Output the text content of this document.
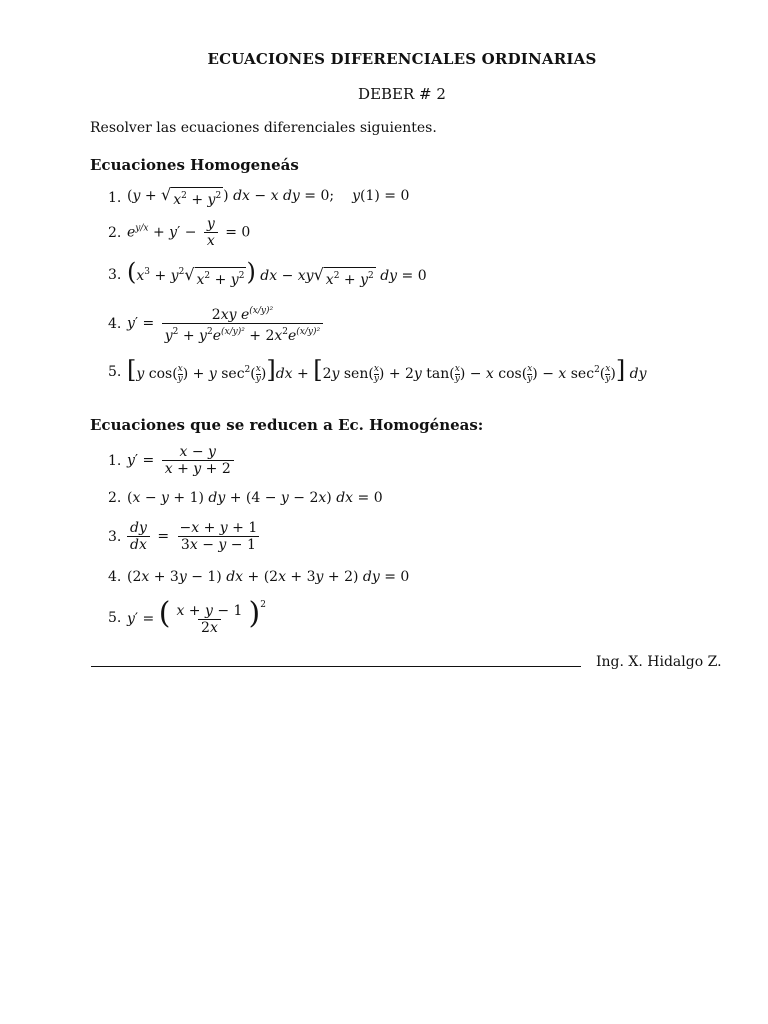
ECUACIONES DIFERENCIALES ORDINARIAS
DEBER # 2
Resolver las ecuaciones diferenciales siguientes.
Ecuaciones Homogeneás
1. (y + √ $x^2 + y^2$ ) dx − x dy = 0; y(1) = 0
2. $e^{y/x} + y' - \frac{y}{x} = 0$
3. ($x^3 + y^2$ √ $x^2 + y^2$ ) dx − xy √ $x^2 + y^2$ dy = 0
4. $y' = \frac{2xy e^{(x/y)^2}}{y^2 + y^2e^{(x/y)^2} + 2x^2e^{(x/y)^2}}$
5. [y $\cos( \frac{x}{y}$ ) + y $\sec^2( \frac{x}{y} )]dx + [2y$ $sen( \frac{x}{y}$ ) + 2y $\tan( \frac{x}{y}$ ) − x $\cos( \frac{x}{y}$ ) − x $\sec^2( \frac{x}{y}$ )] dy
Ecuaciones que se reducen a Ec. Homogéneas:
1. $y' = \frac{x - y}{x + y + 2}$
2. (x − y + 1) dy + (4 − y − 2x) dx = 0
3. $\frac{dy}{dx} = \frac{-x + y + 1}{3x - y - 1}$
4. (2x + 3y − 1) dx + (2x + 3y + 2) dy = 0
5. y′ = ( $\frac{x + y - 1}{2x} )^2$
Ing. X. Hidalgo Z.
